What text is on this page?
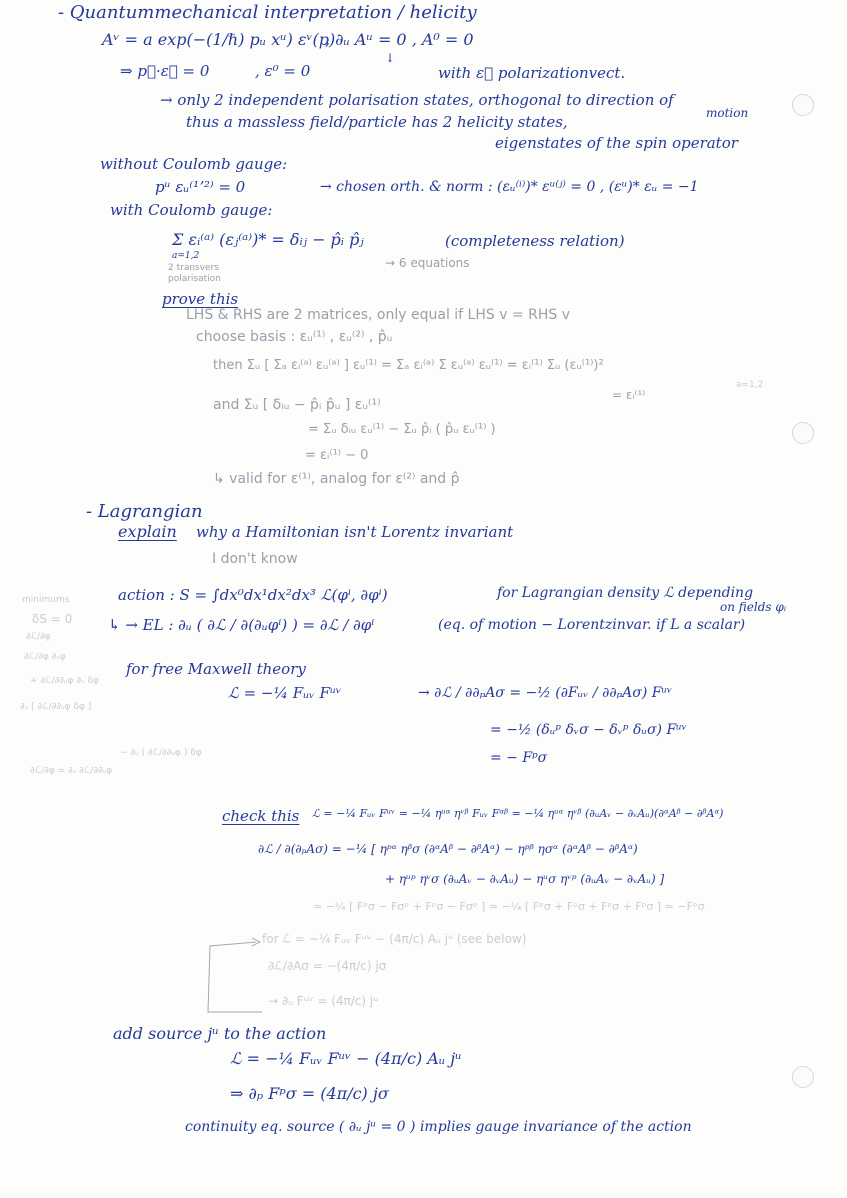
- Quantummechanical interpretation / helicity
Aᵛ = a exp(−(1/ℏ) pᵤ xᵘ) εᵛ(p)
, ∂ᵤ Aᵘ = 0 , A⁰ = 0
↓
⇒ p⃗·ε⃗ = 0	, ε⁰ = 0	with ε⃗ polarizationvect.
→ only 2 independent polarisation states, orthogonal to direction of
thus a massless field/particle has 2 helicity states,	motion
eigenstates of the spin operator
without Coulomb gauge:
pᵘ εᵤ⁽¹ʼ²⁾ = 0	→ chosen orth. & norm : (εᵤ⁽ⁱ⁾)* εᵘ⁽ʲ⁾ = 0 , (εᵘ)* εᵤ = −1
with Coulomb gauge:
Σ εᵢ⁽ᵃ⁾ (εⱼ⁽ᵃ⁾)* = δᵢⱼ − p̂ᵢ p̂ⱼ
a=1,2
(completeness relation)
→ 6 equations
2 transvers polarisation
prove this
LHS & RHS are 2 matrices, only equal if LHS v = RHS v
choose basis : εᵤ⁽¹⁾ , εᵤ⁽²⁾ , p̂ᵤ
then Σᵤ [ Σₐ εᵢ⁽ᵃ⁾ εᵤ⁽ᵃ⁾ ] εᵤ⁽¹⁾ = Σₐ εᵢ⁽ᵃ⁾ Σ εᵤ⁽ᵃ⁾ εᵤ⁽¹⁾ = εᵢ⁽¹⁾ Σᵤ (εᵤ⁽¹⁾)²
= εᵢ⁽¹⁾
a=1,2
and Σᵤ [ δᵢᵤ − p̂ᵢ p̂ᵤ ] εᵤ⁽¹⁾
= Σᵤ δᵢᵤ εᵤ⁽¹⁾ − Σᵤ p̂ᵢ ( p̂ᵤ εᵤ⁽¹⁾ )
= εᵢ⁽¹⁾ − 0
↳ valid for ε⁽¹⁾, analog for ε⁽²⁾ and p̂
- Lagrangian
explain why a Hamiltonian isn't Lorentz invariant
I don't know
action : S = ∫dx⁰dx¹dx²dx³ ℒ(φⁱ, ∂φⁱ)	for Lagrangian density ℒ depending
on fields φᵢ
↳ → EL : ∂ᵤ ( ∂ℒ / ∂(∂ᵤφⁱ) ) = ∂ℒ / ∂φⁱ	(eq. of motion − Lorentzinvar. if L a scalar)
for free Maxwell theory
ℒ = −¼ Fᵤᵥ Fᵘᵛ	→ ∂ℒ / ∂∂ₚAσ = −½ (∂Fᵤᵥ / ∂∂ₚAσ) Fᵘᵛ
= −½ (δᵤᵖ δᵥσ − δᵥᵖ δᵤσ) Fᵘᵛ
= − Fᵖσ
minimums
δS = 0
∂ℒ/∂φ
∂ℒ/∂φ ∂ᵤφ
+ ∂ℒ/∂∂ᵤφ ∂ᵤ δφ
∂ᵤ [ ∂ℒ/∂∂ᵤφ δφ ]
− ∂ᵤ ( ∂ℒ/∂∂ᵤφ ) δφ
∂ℒ/∂φ = ∂ᵤ ∂ℒ/∂∂ᵤφ
check this ℒ = −¼ Fᵤᵥ Fᵘᵛ = −¼ ηᵘᵅ ηᵛᵝ Fᵤᵥ Fᵅᵝ = −¼ ηᵘᵅ ηᵛᵝ (∂ᵤAᵥ − ∂ᵥAᵤ)(∂ᵅAᵝ − ∂ᵝAᵅ)
∂ℒ / ∂(∂ₚAσ) = −¼ [ ηᵖᵅ ηᵝσ (∂ᵅAᵝ − ∂ᵝAᵅ) − ηᵖᵝ ησᵅ (∂ᵅAᵝ − ∂ᵝAᵅ)
+ ηᵘᵖ ηᵛσ (∂ᵤAᵥ − ∂ᵥAᵤ) − ηᵘσ ηᵛᵖ (∂ᵤAᵥ − ∂ᵥAᵤ) ]
= −¼ [ Fᵖσ − Fσᵖ + Fᵖσ − Fσᵖ ] = −¼ [ Fᵖσ + Fᵖσ + Fᵖσ + Fᵖσ ] = −Fᵖσ
for ℒ = −¼ Fᵤᵥ Fᵘᵛ − (4π/c) Aᵤ jᵘ (see below)
∂ℒ/∂Aσ = −(4π/c) jσ
→ ∂ᵤ Fᵘᵛ = (4π/c) jᵘ
add source jᵘ to the action
ℒ = −¼ Fᵤᵥ Fᵘᵛ − (4π/c) Aᵤ jᵘ
⇒ ∂ₚ Fᵖσ = (4π/c) jσ
continuity eq. source ( ∂ᵤ jᵘ = 0 ) implies gauge invariance of the action
